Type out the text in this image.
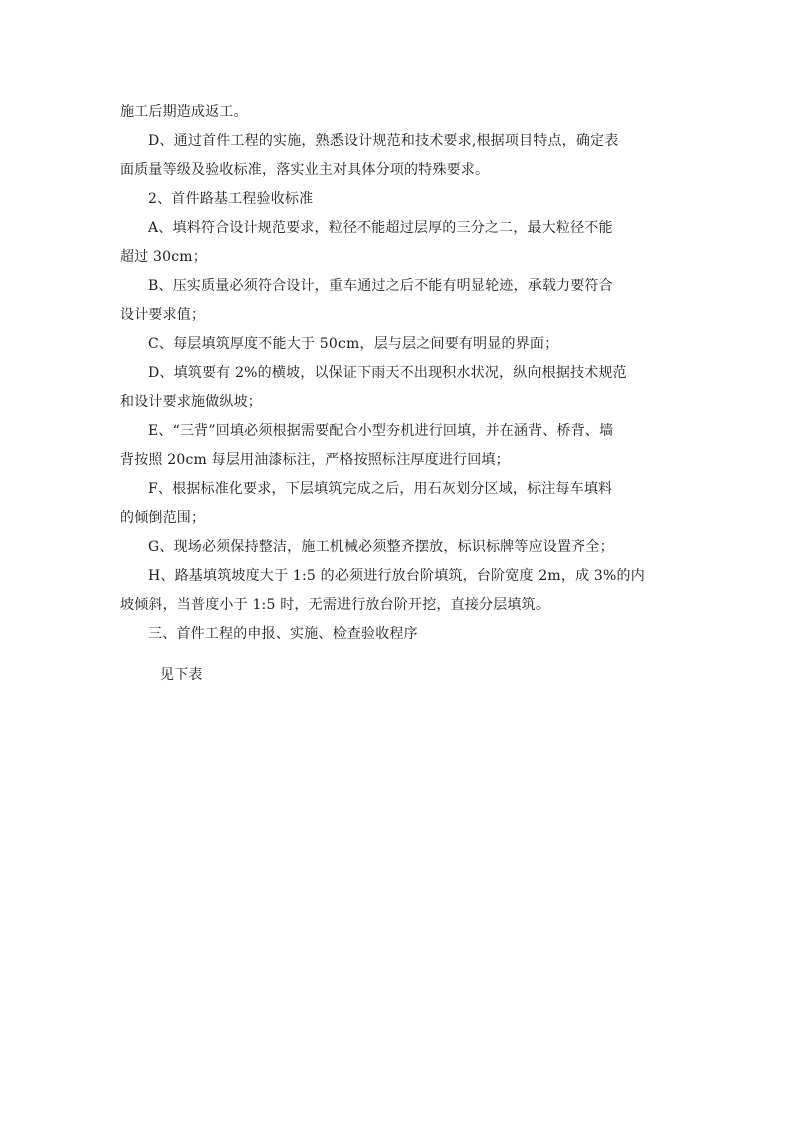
施工后期造成返工。
D、通过首件工程的实施，熟悉设计规范和技术要求,根据项目特点，确定表
面质量等级及验收标准，落实业主对具体分项的特殊要求。
2、首件路基工程验收标准
A、填料符合设计规范要求，粒径不能超过层厚的三分之二，最大粒径不能
超过 30cm；
B、压实质量必须符合设计，重车通过之后不能有明显轮迹，承载力要符合
设计要求值；
C、每层填筑厚度不能大于 50cm，层与层之间要有明显的界面；
D、填筑要有 2%的横坡，以保证下雨天不出现积水状况，纵向根据技术规范
和设计要求施做纵坡；
E、“三背”回填必须根据需要配合小型夯机进行回填，并在涵背、桥背、墙
背按照 20cm 每层用油漆标注，严格按照标注厚度进行回填；
F、根据标准化要求，下层填筑完成之后，用石灰划分区域，标注每车填料
的倾倒范围；
G、现场必须保持整洁，施工机械必须整齐摆放，标识标牌等应设置齐全；
H、路基填筑坡度大于 1:5 的必须进行放台阶填筑，台阶宽度 2m，成 3%的内
坡倾斜，当普度小于 1:5 时，无需进行放台阶开挖，直接分层填筑。
三、首件工程的申报、实施、检查验收程序
见下表
